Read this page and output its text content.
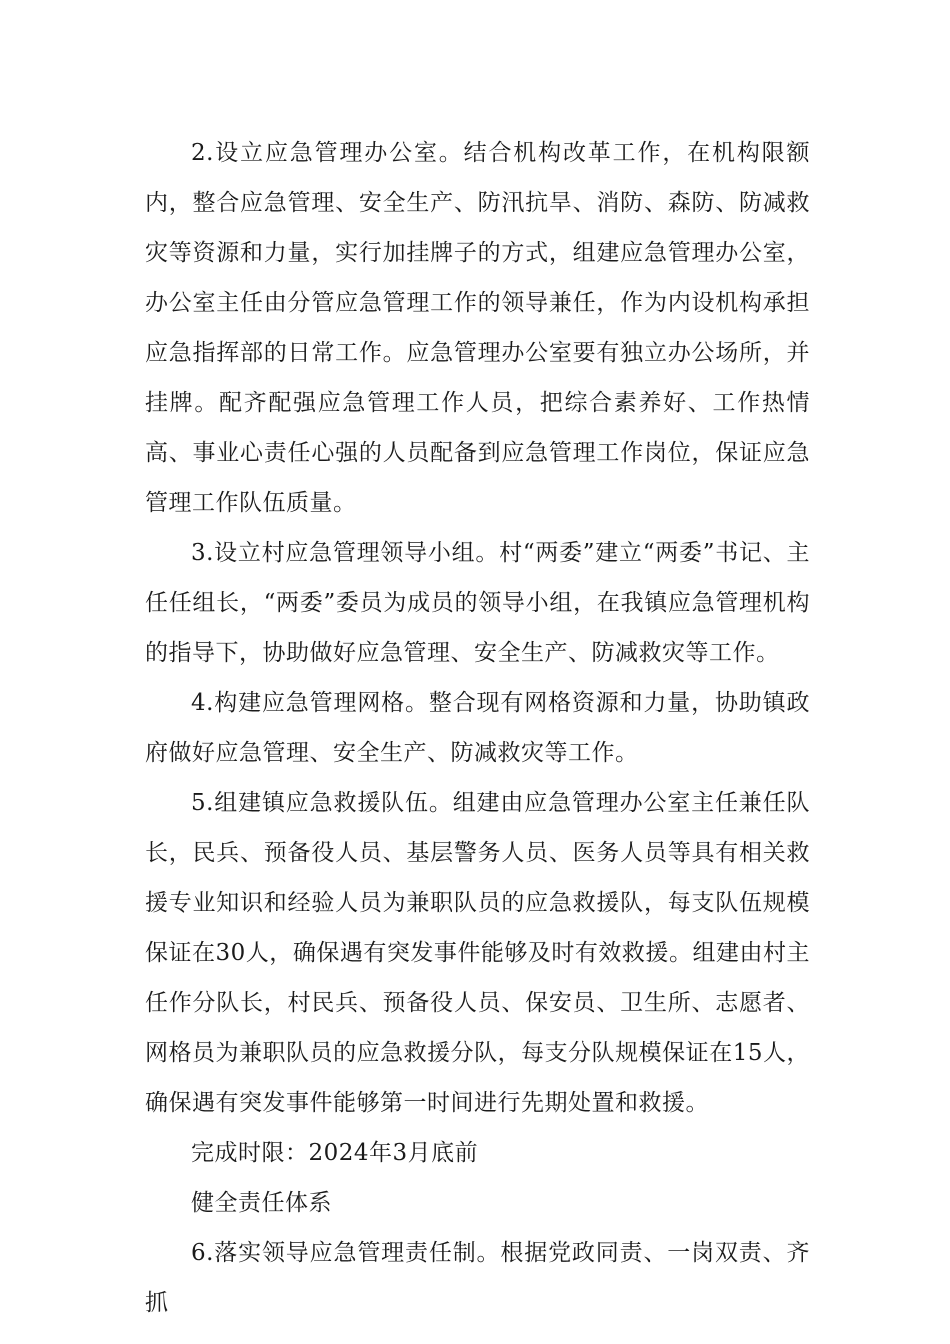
2.设立应急管理办公室。结合机构改革工作，在机构限额内，整合应急管理、安全生产、防汛抗旱、消防、森防、防减救灾等资源和力量，实行加挂牌子的方式，组建应急管理办公室，办公室主任由分管应急管理工作的领导兼任，作为内设机构承担应急指挥部的日常工作。应急管理办公室要有独立办公场所，并挂牌。配齐配强应急管理工作人员，把综合素养好、工作热情高、事业心责任心强的人员配备到应急管理工作岗位，保证应急管理工作队伍质量。

3.设立村应急管理领导小组。村“两委”建立“两委”书记、主任任组长，“两委”委员为成员的领导小组，在我镇应急管理机构的指导下，协助做好应急管理、安全生产、防减救灾等工作。

4.构建应急管理网格。整合现有网格资源和力量，协助镇政府做好应急管理、安全生产、防减救灾等工作。

5.组建镇应急救援队伍。组建由应急管理办公室主任兼任队长，民兵、预备役人员、基层警务人员、医务人员等具有相关救援专业知识和经验人员为兼职队员的应急救援队，每支队伍规模保证在30人，确保遇有突发事件能够及时有效救援。组建由村主任作分队长，村民兵、预备役人员、保安员、卫生所、志愿者、网格员为兼职队员的应急救援分队，每支分队规模保证在15人，确保遇有突发事件能够第一时间进行先期处置和救援。

完成时限：2024年3月底前

健全责任体系

6.落实领导应急管理责任制。根据党政同责、一岗双责、齐抓
